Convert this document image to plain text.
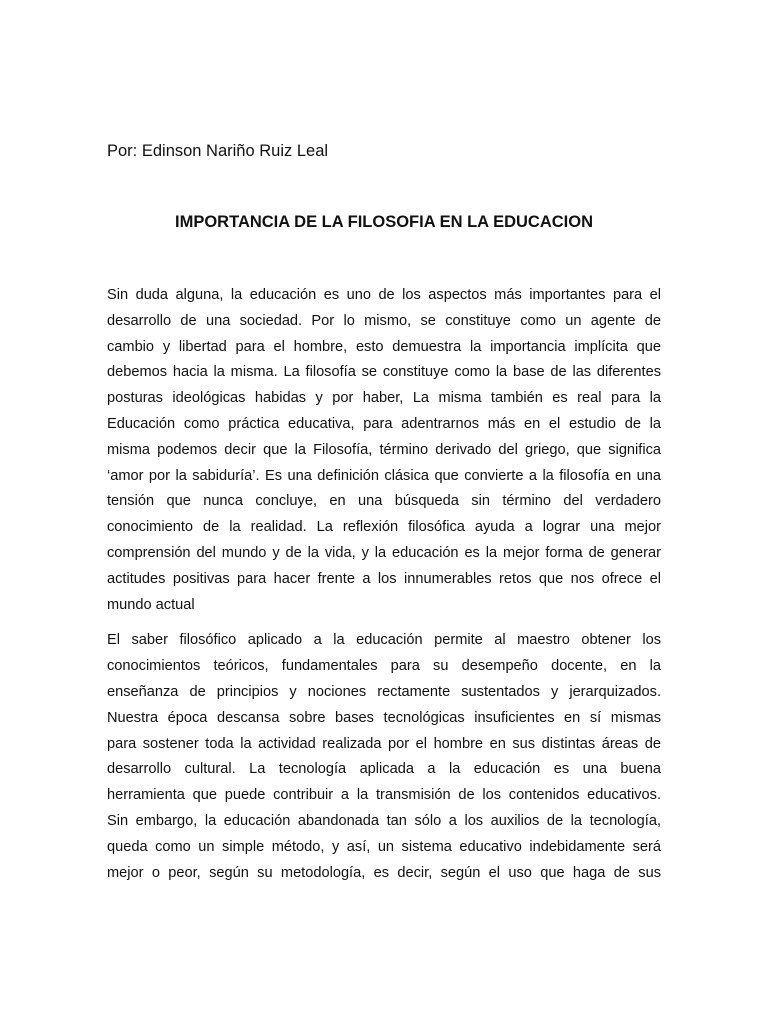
Por: Edinson Nariño Ruiz Leal

IMPORTANCIA DE LA FILOSOFIA EN LA EDUCACION

Sin duda alguna, la educación es uno de los aspectos más importantes para el
desarrollo de una sociedad. Por lo mismo, se constituye como un agente de
cambio y libertad para el hombre, esto demuestra la importancia implícita que
debemos hacia la misma. La filosofía se constituye como la base de las diferentes
posturas ideológicas habidas y por haber, La misma también es real para la
Educación como práctica educativa, para adentrarnos más en el estudio de la
misma podemos decir que la Filosofía, término derivado del griego, que significa
‘amor por la sabiduría’. Es una definición clásica que convierte a la filosofía en una
tensión que nunca concluye, en una búsqueda sin término del verdadero
conocimiento de la realidad. La reflexión filosófica ayuda a lograr una mejor
comprensión del mundo y de la vida, y la educación es la mejor forma de generar
actitudes positivas para hacer frente a los innumerables retos que nos ofrece el
mundo actual

El saber filosófico aplicado a la educación permite al maestro obtener los
conocimientos teóricos, fundamentales para su desempeño docente, en la
enseñanza de principios y nociones rectamente sustentados y jerarquizados.
Nuestra época descansa sobre bases tecnológicas insuficientes en sí mismas
para sostener toda la actividad realizada por el hombre en sus distintas áreas de
desarrollo cultural. La tecnología aplicada a la educación es una buena
herramienta que puede contribuir a la transmisión de los contenidos educativos.
Sin embargo, la educación abandonada tan sólo a los auxilios de la tecnología,
queda como un simple método, y así, un sistema educativo indebidamente será
mejor o peor, según su metodología, es decir, según el uso que haga de sus
